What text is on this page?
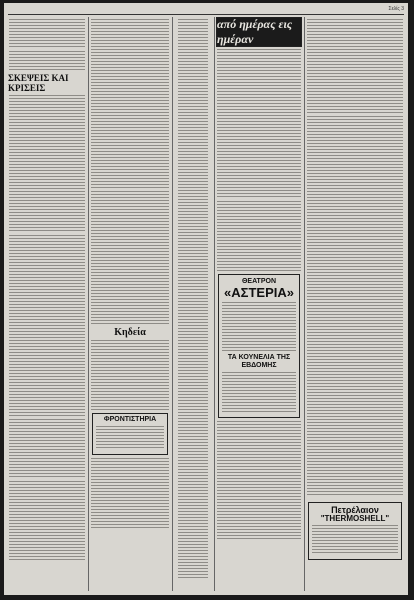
Σελίς 3
ΣΚΕΨΕΙΣ ΚΑΙ ΚΡΙΣΕΙΣ
Κηδεία
ΦΡΟΝΤΙΣΤΗΡΙΑ
από ημέρας εις ημέραν
ΘΕΑΤΡΟΝ
«ΑΣΤΕΡΙΑ»
ΤΑ ΚΟΥΝΕΛΙΑ ΤΗΣ ΕΒΔΟΜΗΣ
Πετρέλαιον
"THERMOSHELL"
